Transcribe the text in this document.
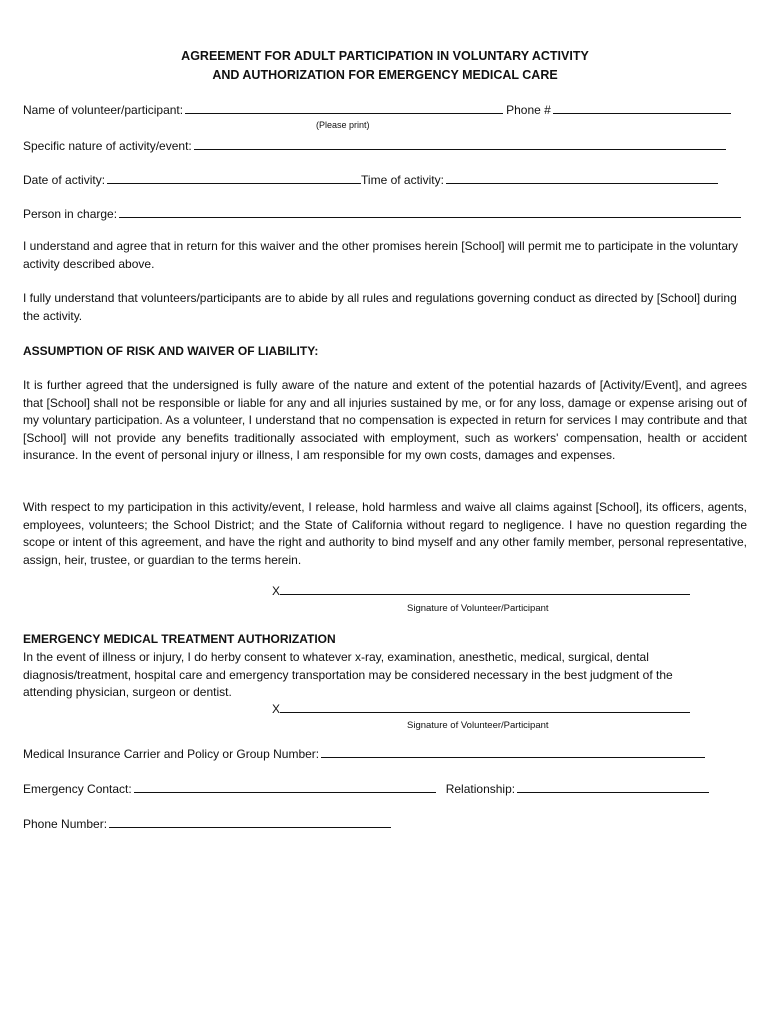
AGREEMENT FOR ADULT PARTICIPATION IN VOLUNTARY ACTIVITY
AND AUTHORIZATION FOR EMERGENCY MEDICAL CARE
Name of volunteer/participant:	Phone #
(Please print)
Specific nature of activity/event:
Date of activity:	Time of activity:
Person in charge:
I understand and agree that in return for this waiver and the other promises herein [School] will permit me to participate in the voluntary activity described above.
I fully understand that volunteers/participants are to abide by all rules and regulations governing conduct as directed by [School] during the activity.
ASSUMPTION OF RISK AND WAIVER OF LIABILITY:
It is further agreed that the undersigned is fully aware of the nature and extent of the potential hazards of [Activity/Event], and agrees that [School] shall not be responsible or liable for any and all injuries sustained by me, or for any loss, damage or expense arising out of my voluntary participation. As a volunteer, I understand that no compensation is expected in return for services I may contribute and that [School] will not provide any benefits traditionally associated with employment, such as workers' compensation, health or accident insurance. In the event of personal injury or illness, I am responsible for my own costs, damages and expenses.
With respect to my participation in this activity/event, I release, hold harmless and waive all claims against [School], its officers, agents, employees, volunteers; the School District; and the State of California without regard to negligence. I have no question regarding the scope or intent of this agreement, and have the right and authority to bind myself and any other family member, personal representative, assign, heir, trustee, or guardian to the terms herein.
X
Signature of Volunteer/Participant
EMERGENCY MEDICAL TREATMENT AUTHORIZATION
In the event of illness or injury, I do herby consent to whatever x-ray, examination, anesthetic, medical, surgical, dental diagnosis/treatment, hospital care and emergency transportation may be considered necessary in the best judgment of the attending physician, surgeon or dentist.
X
Signature of Volunteer/Participant
Medical Insurance Carrier and Policy or Group Number:
Emergency Contact:	Relationship:
Phone Number:
